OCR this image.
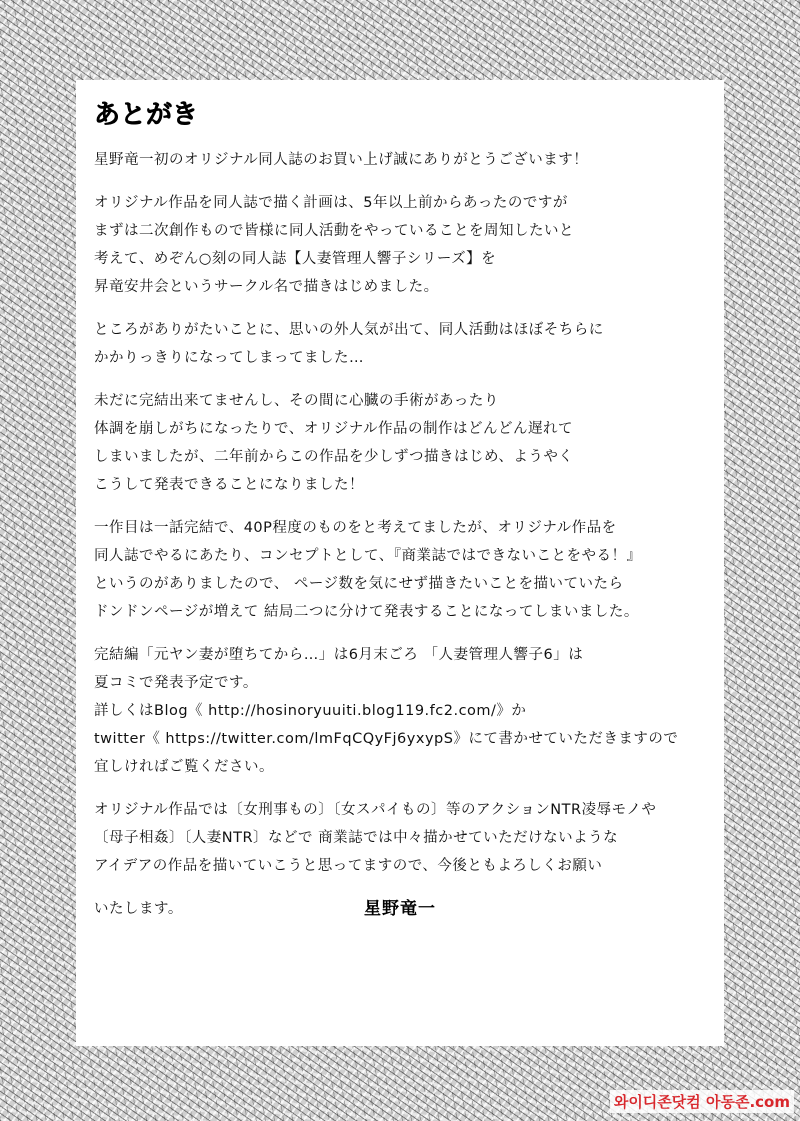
あとがき
星野竜一初のオリジナル同人誌のお買い上げ誠にありがとうございます！
オリジナル作品を同人誌で描く計画は、5年以上前からあったのですが
まずは二次創作もので皆様に同人活動をやっていることを周知したいと
考えて、めぞん○刻の同人誌【人妻管理人響子シリーズ】を
昇竜安井会というサークル名で描きはじめました。
ところがありがたいことに、思いの外人気が出て、同人活動はほぼそちらに
かかりっきりになってしまってました…
未だに完結出来てませんし、その間に心臓の手術があったり
体調を崩しがちになったりで、オリジナル作品の制作はどんどん遅れて
しまいましたが、二年前からこの作品を少しずつ描きはじめ、ようやく
こうして発表できることになりました！
一作目は一話完結で、40P程度のものをと考えてましたが、オリジナル作品を
同人誌でやるにあたり、コンセプトとして、『商業誌ではできないことをやる！』
というのがありましたので、 ページ数を気にせず描きたいことを描いていたら
ドンドンページが増えて 結局二つに分けて発表することになってしまいました。
完結編「元ヤン妻が堕ちてから…」は6月末ごろ 「人妻管理人響子6」は
夏コミで発表予定です。
詳しくはBlog《 http://hosinoryuuiti.blog119.fc2.com/》か
twitter《 https://twitter.com/lmFqCQyFj6yxypS》にて書かせていただきますので
宜しければご覧ください。
オリジナル作品では〔女刑事もの〕〔女スパイもの〕等のアクションNTR凌辱モノや
〔母子相姦〕〔人妻NTR〕などで 商業誌では中々描かせていただけないような
アイデアの作品を描いていこうと思ってますので、今後ともよろしくお願い
いたします。	星野竜一
와이디존닷컴 아동존.com
